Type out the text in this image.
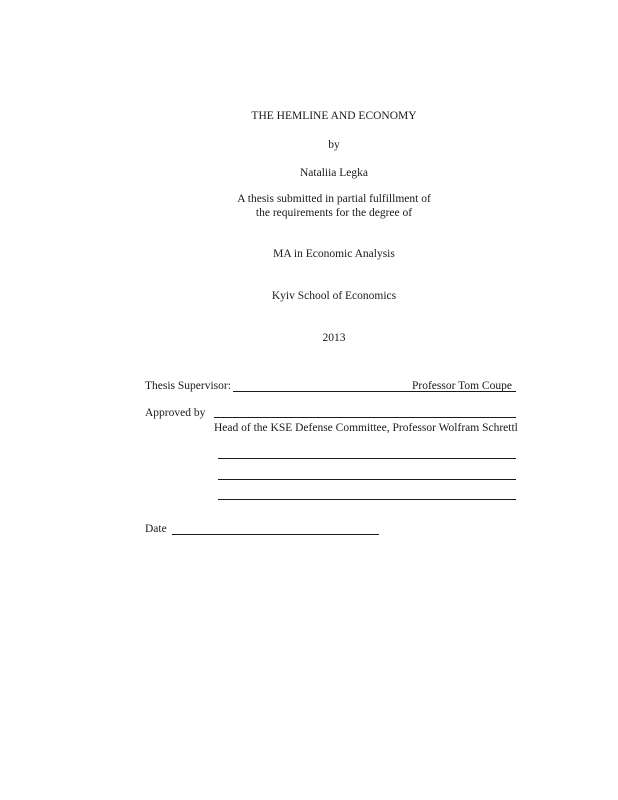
THE HEMLINE AND ECONOMY
by
Nataliia Legka
A thesis submitted in partial fulfillment of
the requirements for the degree of
MA in Economic Analysis
Kyiv School of Economics
2013
Thesis Supervisor:	Professor Tom Coupe
Approved by
Head of the KSE Defense Committee, Professor Wolfram Schrettl
Date
